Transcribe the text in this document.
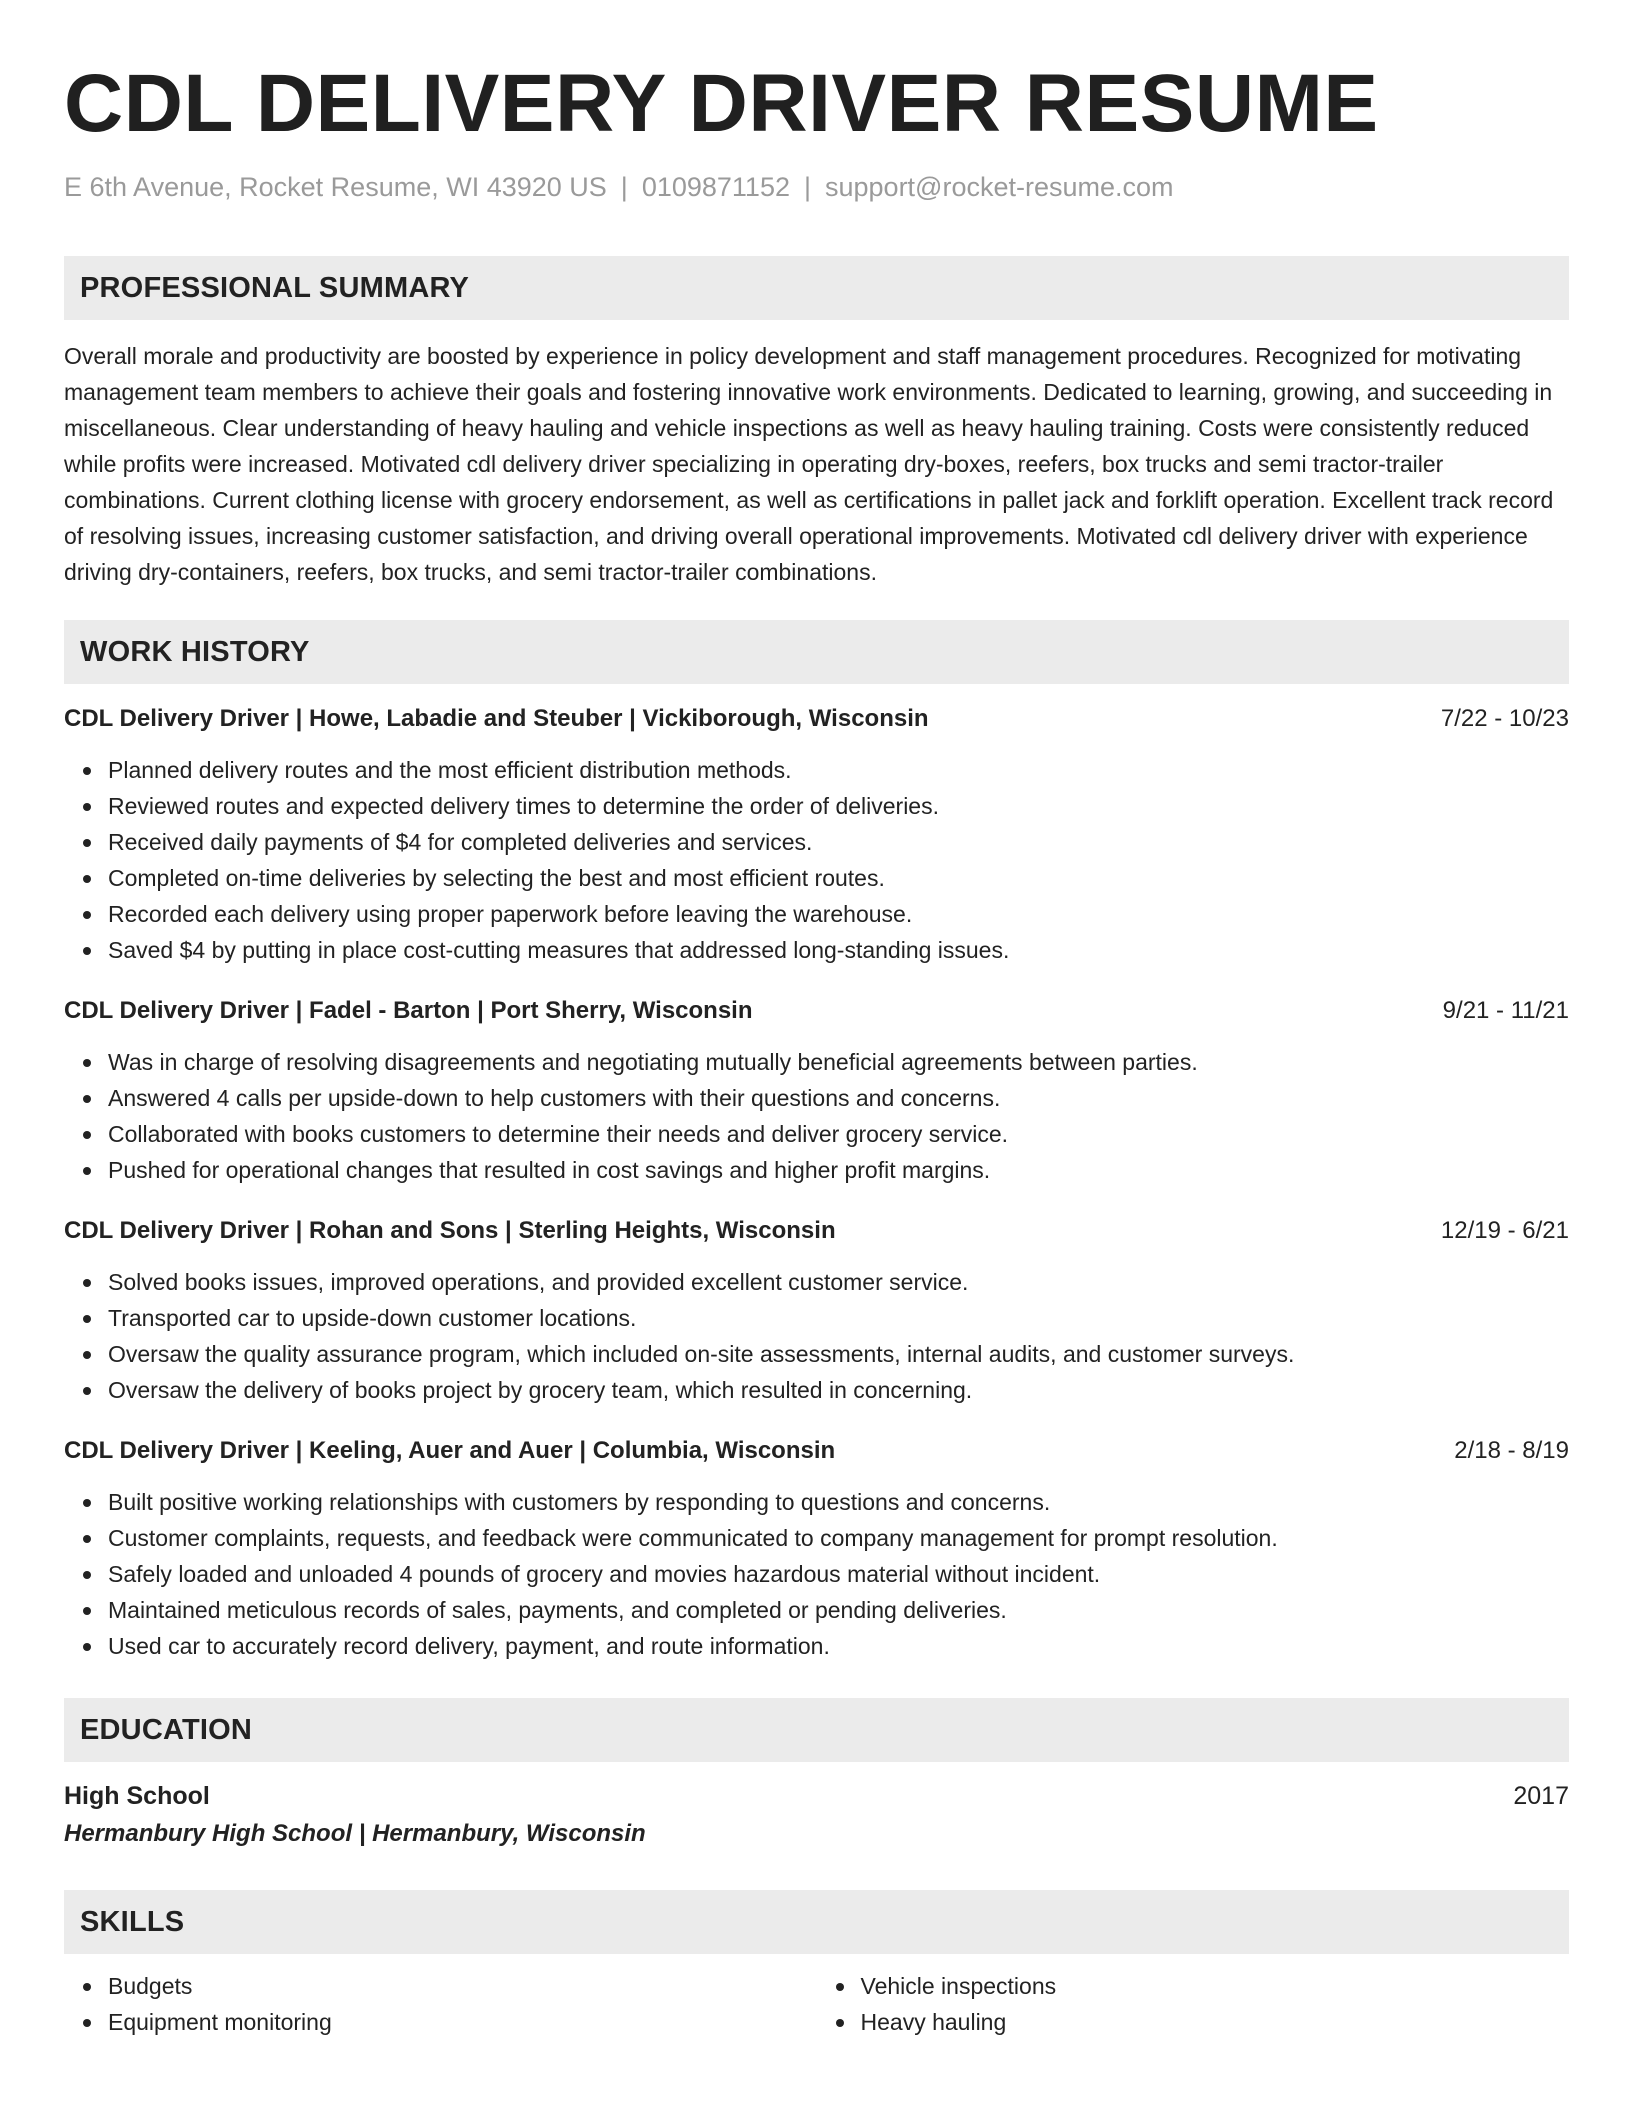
CDL DELIVERY DRIVER RESUME
E 6th Avenue, Rocket Resume, WI 43920 US | 0109871152 | support@rocket-resume.com
PROFESSIONAL SUMMARY

Overall morale and productivity are boosted by experience in policy development and staff management procedures. Recognized for motivating management team members to achieve their goals and fostering innovative work environments. Dedicated to learning, growing, and succeeding in miscellaneous. Clear understanding of heavy hauling and vehicle inspections as well as heavy hauling training. Costs were consistently reduced while profits were increased. Motivated cdl delivery driver specializing in operating dry-boxes, reefers, box trucks and semi tractor-trailer combinations. Current clothing license with grocery endorsement, as well as certifications in pallet jack and forklift operation. Excellent track record of resolving issues, increasing customer satisfaction, and driving overall operational improvements. Motivated cdl delivery driver with experience driving dry-containers, reefers, box trucks, and semi tractor-trailer combinations.

WORK HISTORY
CDL Delivery Driver | Howe, Labadie and Steuber | Vickiborough, Wisconsin	7/22 - 10/23
Planned delivery routes and the most efficient distribution methods.
Reviewed routes and expected delivery times to determine the order of deliveries.
Received daily payments of $4 for completed deliveries and services.
Completed on-time deliveries by selecting the best and most efficient routes.
Recorded each delivery using proper paperwork before leaving the warehouse.
Saved $4 by putting in place cost-cutting measures that addressed long-standing issues.
CDL Delivery Driver | Fadel - Barton | Port Sherry, Wisconsin	9/21 - 11/21
Was in charge of resolving disagreements and negotiating mutually beneficial agreements between parties.
Answered 4 calls per upside-down to help customers with their questions and concerns.
Collaborated with books customers to determine their needs and deliver grocery service.
Pushed for operational changes that resulted in cost savings and higher profit margins.
CDL Delivery Driver | Rohan and Sons | Sterling Heights, Wisconsin	12/19 - 6/21
Solved books issues, improved operations, and provided excellent customer service.
Transported car to upside-down customer locations.
Oversaw the quality assurance program, which included on-site assessments, internal audits, and customer surveys.
Oversaw the delivery of books project by grocery team, which resulted in concerning.
CDL Delivery Driver | Keeling, Auer and Auer | Columbia, Wisconsin	2/18 - 8/19
Built positive working relationships with customers by responding to questions and concerns.
Customer complaints, requests, and feedback were communicated to company management for prompt resolution.
Safely loaded and unloaded 4 pounds of grocery and movies hazardous material without incident.
Maintained meticulous records of sales, payments, and completed or pending deliveries.
Used car to accurately record delivery, payment, and route information.
EDUCATION
High School	2017
Hermanbury High School | Hermanbury, Wisconsin
SKILLS
Budgets
Equipment monitoring
Vehicle inspections
Heavy hauling
